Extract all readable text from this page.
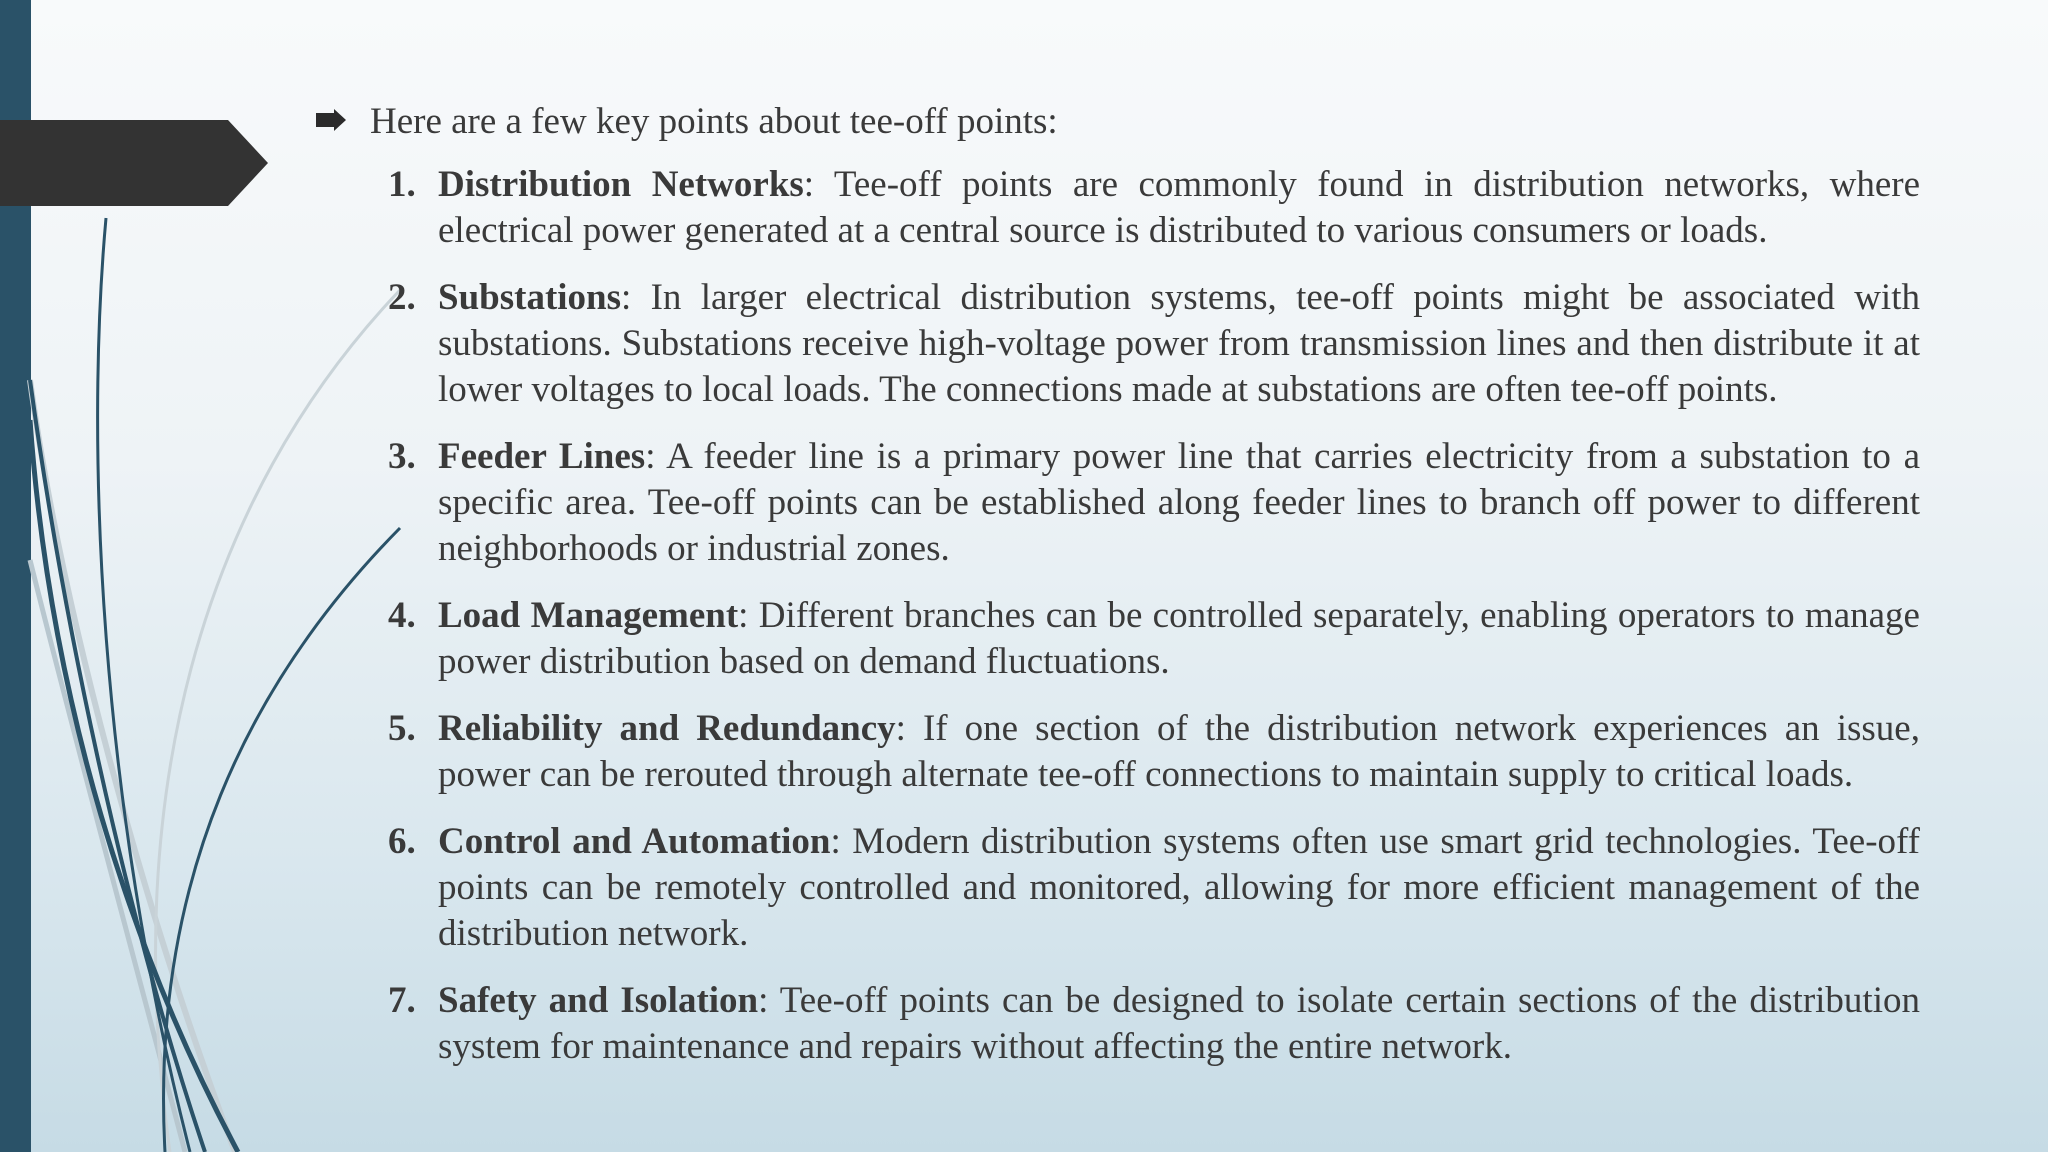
Here are a few key points about tee-off points:
1. Distribution Networks: Tee-off points are commonly found in distribution networks, where electrical power generated at a central source is distributed to various consumers or loads.
2. Substations: In larger electrical distribution systems, tee-off points might be associated with substations. Substations receive high-voltage power from transmission lines and then distribute it at lower voltages to local loads. The connections made at substations are often tee-off points.
3. Feeder Lines: A feeder line is a primary power line that carries electricity from a substation to a specific area. Tee-off points can be established along feeder lines to branch off power to different neighborhoods or industrial zones.
4. Load Management: Different branches can be controlled separately, enabling operators to manage power distribution based on demand fluctuations.
5. Reliability and Redundancy: If one section of the distribution network experiences an issue, power can be rerouted through alternate tee-off connections to maintain supply to critical loads.
6. Control and Automation: Modern distribution systems often use smart grid technologies. Tee-off points can be remotely controlled and monitored, allowing for more efficient management of the distribution network.
7. Safety and Isolation: Tee-off points can be designed to isolate certain sections of the distribution system for maintenance and repairs without affecting the entire network.
